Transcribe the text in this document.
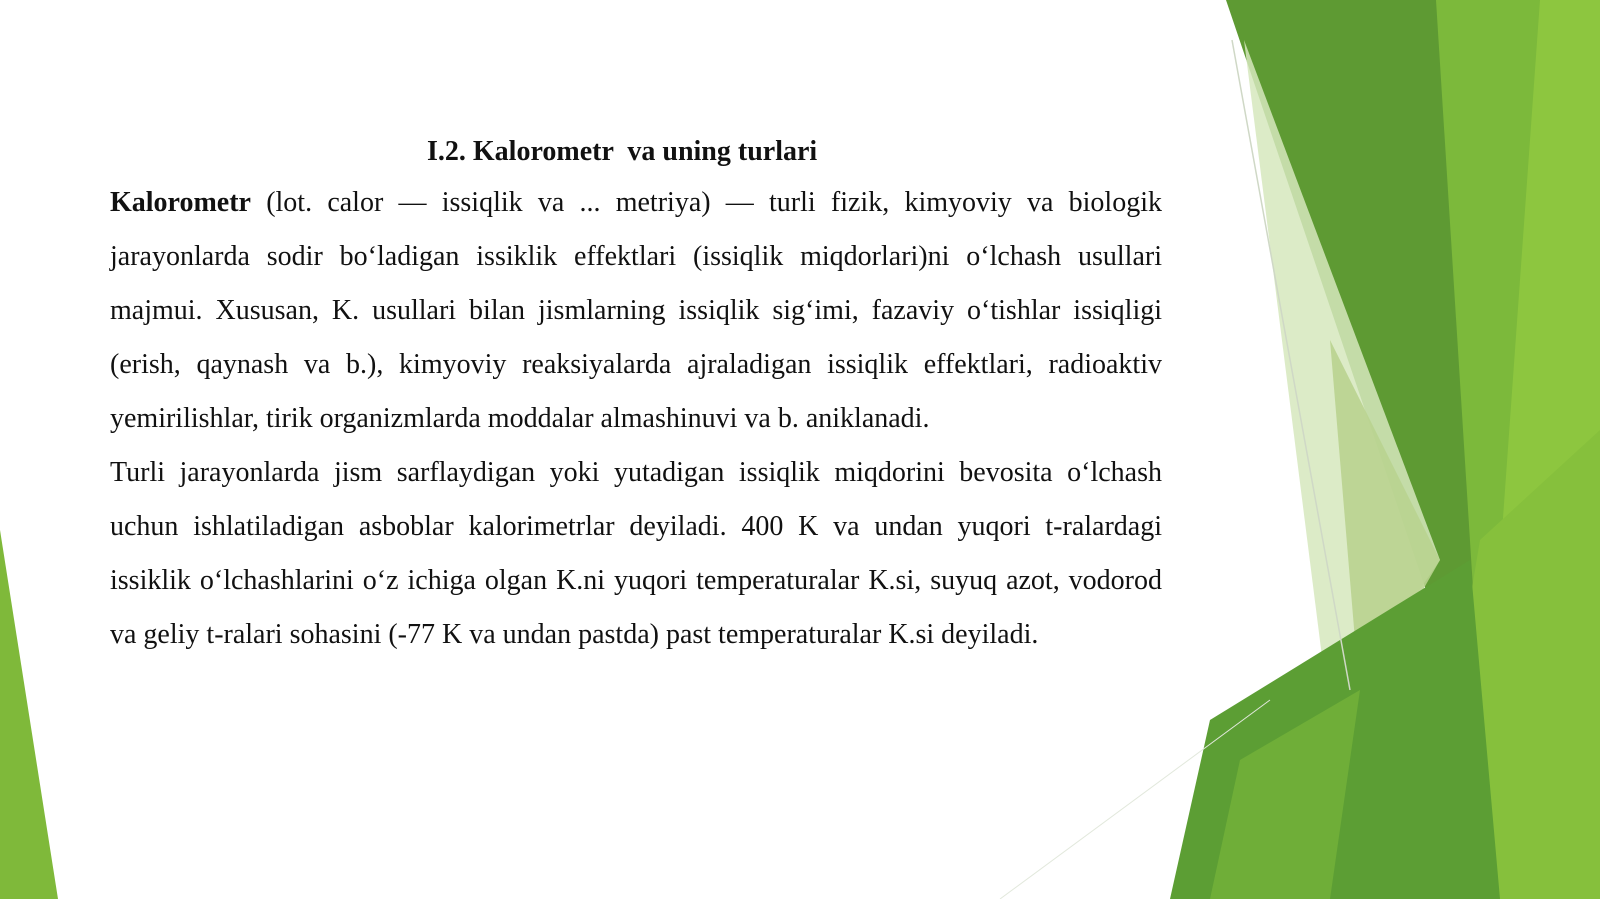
I.2. Kalorometr  va uning turlari

Kalorometr (lot. calor — issiqlik va ... metriya) — turli fizik, kimyoviy va biologik jarayonlarda sodir bo‘ladigan issiklik effektlari (issiqlik miqdorlari)ni o‘lchash usullari majmui. Xususan, K. usullari bilan jismlarning issiqlik sig‘imi, fazaviy o‘tishlar issiqligi (erish, qaynash va b.), kimyoviy reaksiyalarda ajraladigan issiqlik effektlari, radioaktiv yemirilishlar, tirik organizmlarda moddalar almashinuvi va b. aniklanadi.

Turli jarayonlarda jism sarflaydigan yoki yutadigan issiqlik miqdorini bevosita o‘lchash uchun ishlatiladigan asboblar kalorimetrlar deyiladi. 400 K va undan yuqori t-ralardagi issiklik o‘lchashlarini o‘z ichiga olgan K.ni yuqori temperaturalar K.si, suyuq azot, vodorod va geliy t-ralari sohasini (-77 K va undan pastda) past temperaturalar K.si deyiladi.
